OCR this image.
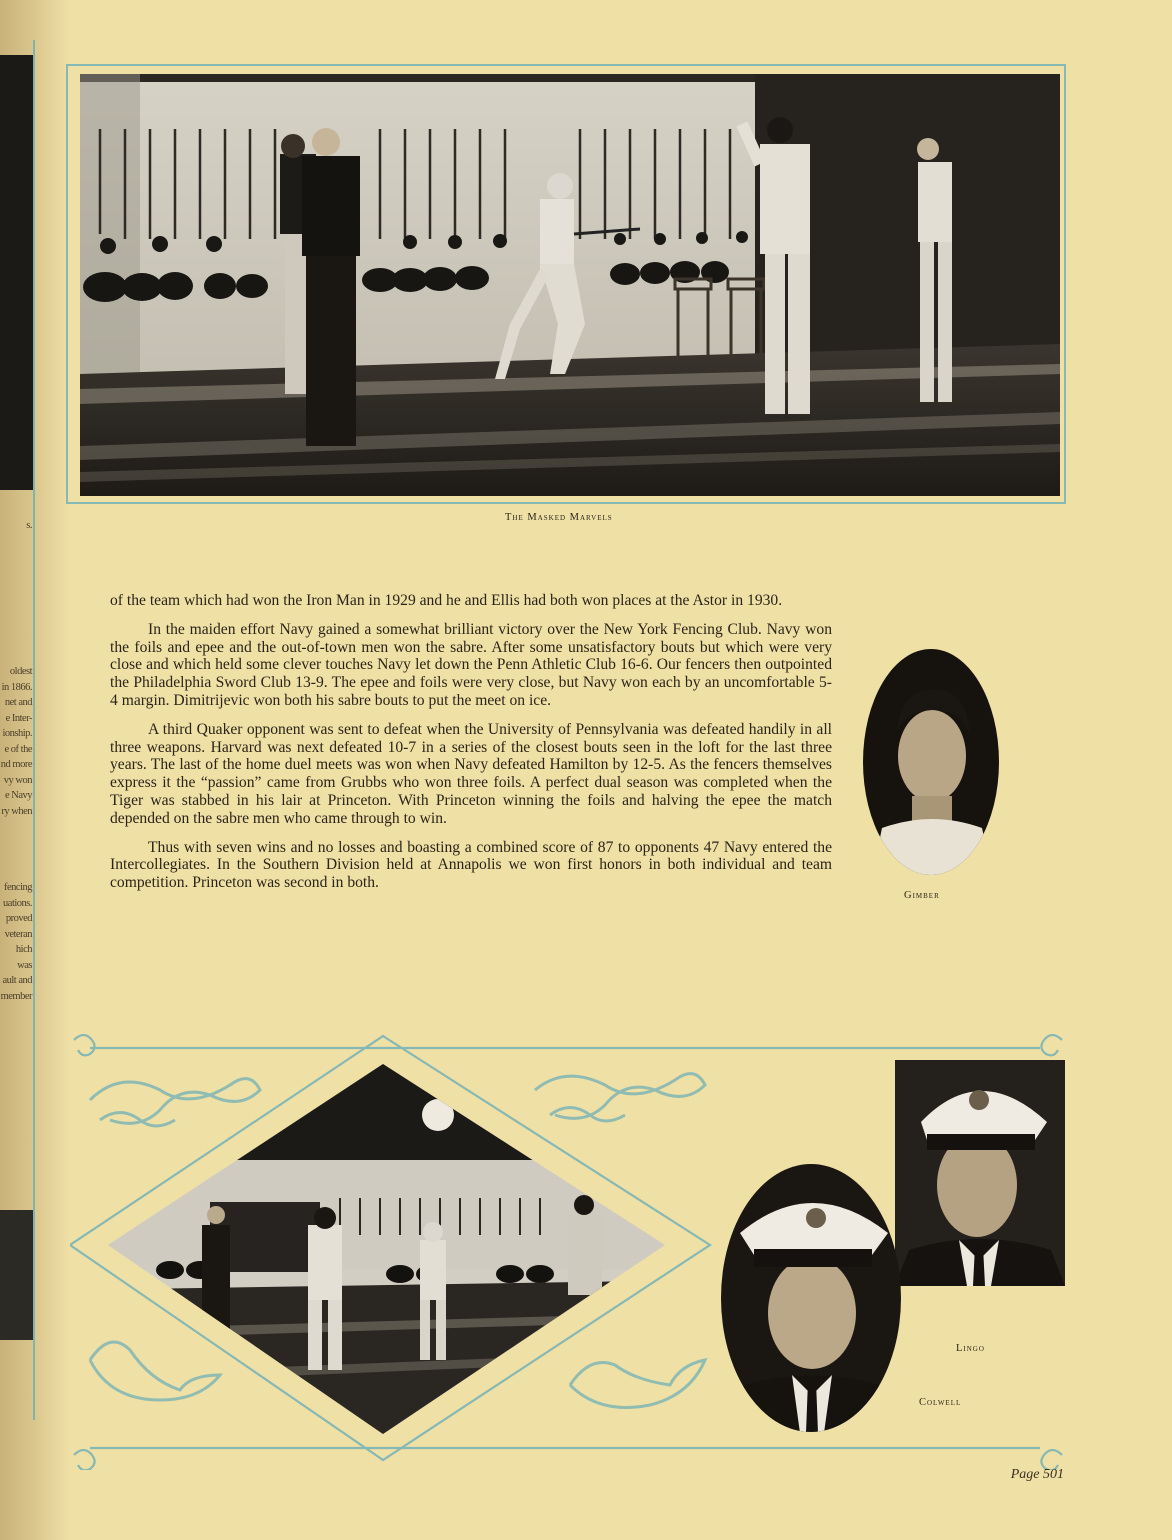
s.
oldest
in 1866.
net and
e Inter-
ionship.
e of the
nd more
vy won
e Navy
ry when
fencing
uations.
proved
veteran
hich was
ault and
member
The Masked Marvels

of the team which had won the Iron Man in 1929 and he and Ellis had both won places at the Astor in 1930.

In the maiden effort Navy gained a somewhat brilliant victory over the New York Fencing Club. Navy won the foils and epee and the out-of-town men won the sabre. After some unsatisfactory bouts but which were very close and which held some clever touches Navy let down the Penn Athletic Club 16-6. Our fencers then outpointed the Philadelphia Sword Club 13-9. The epee and foils were very close, but Navy won each by an uncomfortable 5-4 margin. Dimitrijevic won both his sabre bouts to put the meet on ice.

A third Quaker opponent was sent to defeat when the University of Pennsylvania was defeated handily in all three weapons. Harvard was next defeated 10-7 in a series of the closest bouts seen in the loft for the last three years. The last of the home duel meets was won when Navy defeated Hamilton by 12-5. As the fencers themselves express it the “passion” came from Grubbs who won three foils. A perfect dual season was completed when the Tiger was stabbed in his lair at Princeton. With Princeton winning the foils and halving the epee the match depended on the sabre men who came through to win.

Thus with seven wins and no losses and boasting a combined score of 87 to opponents 47 Navy entered the Intercollegiates. In the Southern Division held at Annapolis we won first honors in both individual and team competition. Princeton was second in both.

Gimber
Lingo
Colwell
Page 501
